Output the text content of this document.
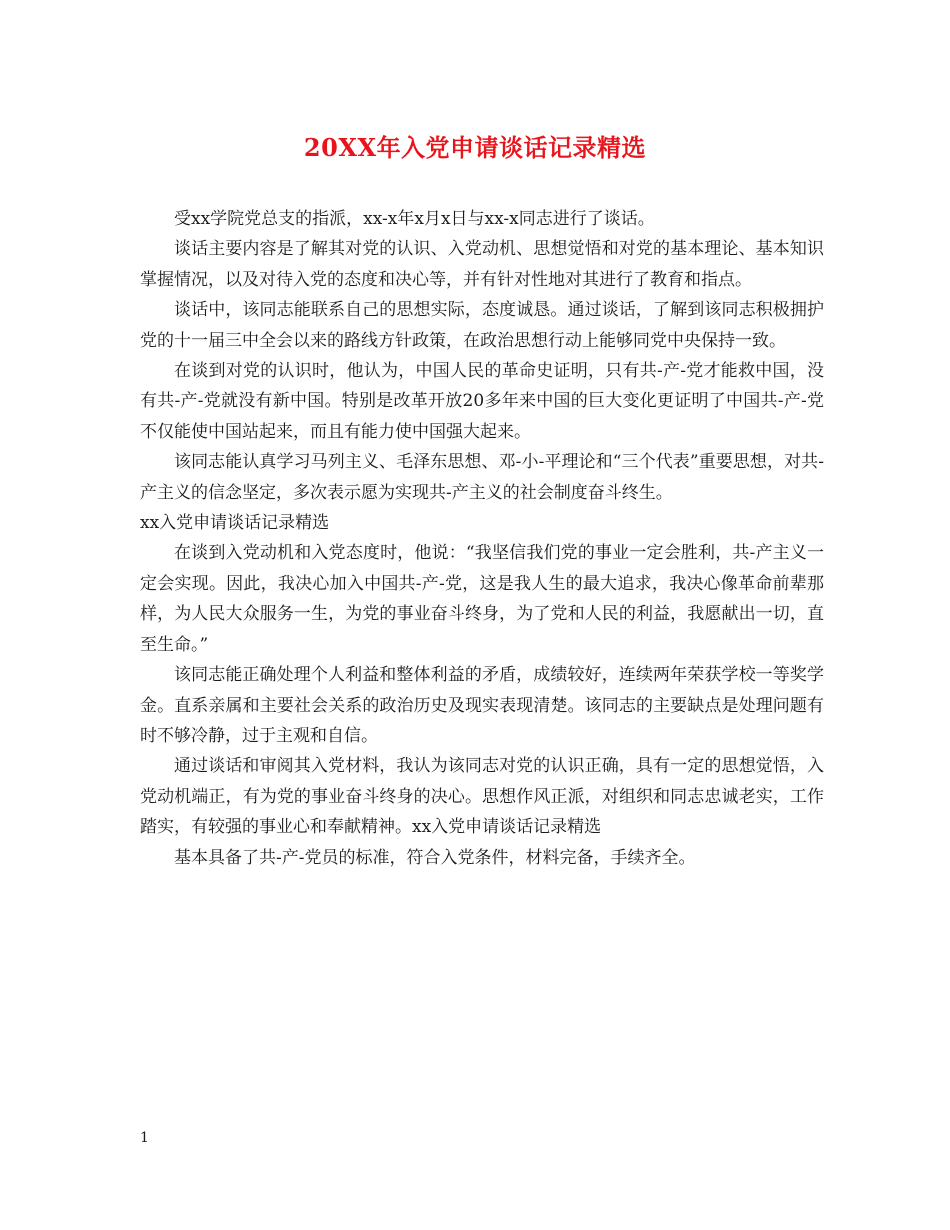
20XX年入党申请谈话记录精选

受xx学院党总支的指派，xx-x年x月x日与xx-x同志进行了谈话。

谈话主要内容是了解其对党的认识、入党动机、思想觉悟和对党的基本理论、基本知识掌握情况，以及对待入党的态度和决心等，并有针对性地对其进行了教育和指点。

谈话中，该同志能联系自己的思想实际，态度诚恳。通过谈话，了解到该同志积极拥护党的十一届三中全会以来的路线方针政策，在政治思想行动上能够同党中央保持一致。

在谈到对党的认识时，他认为，中国人民的革命史证明，只有共-产-党才能救中国，没有共-产-党就没有新中国。特别是改革开放20多年来中国的巨大变化更证明了中国共-产-党不仅能使中国站起来，而且有能力使中国强大起来。

该同志能认真学习马列主义、毛泽东思想、邓-小-平理论和“三个代表”重要思想，对共-产主义的信念坚定，多次表示愿为实现共-产主义的社会制度奋斗终生。

xx入党申请谈话记录精选

在谈到入党动机和入党态度时，他说：“我坚信我们党的事业一定会胜利，共-产主义一定会实现。因此，我决心加入中国共-产-党，这是我人生的最大追求，我决心像革命前辈那样，为人民大众服务一生，为党的事业奋斗终身，为了党和人民的利益，我愿献出一切，直至生命。”

该同志能正确处理个人利益和整体利益的矛盾，成绩较好，连续两年荣获学校一等奖学金。直系亲属和主要社会关系的政治历史及现实表现清楚。该同志的主要缺点是处理问题有时不够冷静，过于主观和自信。

通过谈话和审阅其入党材料，我认为该同志对党的认识正确，具有一定的思想觉悟，入党动机端正，有为党的事业奋斗终身的决心。思想作风正派，对组织和同志忠诚老实，工作踏实，有较强的事业心和奉献精神。xx入党申请谈话记录精选

基本具备了共-产-党员的标准，符合入党条件，材料完备，手续齐全。

1
